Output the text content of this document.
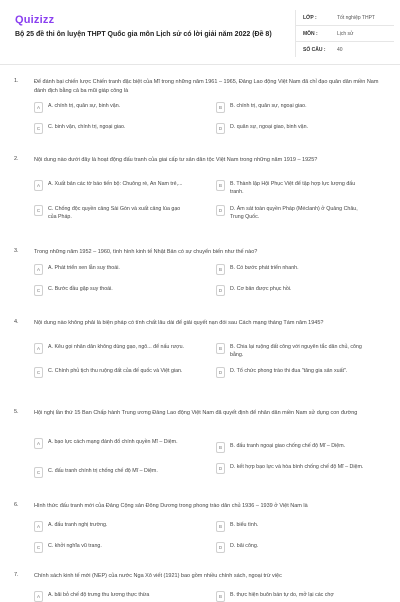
Quizizz
Bộ 25 đề thi ôn luyện THPT Quốc gia môn Lịch sử có lời giải năm 2022 (Đề 8)
LỚP :	Tốt nghiệp THPT
MÔN :	Lịch sử
SỐ CÂU :	40
1.	Để đánh bại chiến lược Chiến tranh đặc biệt của Mĩ trong những năm 1961 – 1965, Đảng Lao động Việt Nam đã chỉ đạo quân dân miền Nam đánh địch bằng cả ba mũi giáp công là
A	A. chính trị, quân sự, binh vận.	B	B. chính trị, quân sự, ngoại giao.
C	C. binh vận, chính trị, ngoại giao.	D	D. quân sự, ngoại giao, binh vận.
2.	Nội dung nào dưới đây là hoạt động đấu tranh của giai cấp tư sản dân tộc Việt Nam trong những năm 1919 – 1925?
A	A. Xuất bản các tờ báo tiến bộ: Chuông rè, An Nam trẻ,...	B	B. Thành lập Hội Phục Việt để tập hợp lực lượng đấu tranh.
C	C. Chống độc quyền cảng Sài Gòn và xuất cảng lúa gạo của Pháp.
D	D. Ám sát toàn quyền Pháp (Méclanh) ở Quảng Châu, Trung Quốc.
3.	Trong những năm 1952 – 1960, tình hình kinh tế Nhật Bản có sự chuyển biến như thế nào?
A	A. Phát triển xen lẫn suy thoái.	B	B. Có bước phát triển nhanh.
C	C. Bước đầu gặp suy thoái.	D	D. Cơ bản được phục hồi.
4.	Nội dung nào không phải là biện pháp có tính chất lâu dài để giải quyết nạn đói sau Cách mạng tháng Tám năm 1945?
A	A. Kêu gọi nhân dân không dùng gạo, ngô... để nấu rượu.	B	B. Chia lại ruộng đất công với nguyên tắc dân chủ, công bằng.
C	C. Chính phủ tịch thu ruộng đất của đế quốc và Việt gian.	D	D. Tổ chức phong trào thi đua "tăng gia sản xuất".
5.	Hội nghị lần thứ 15 Ban Chấp hành Trung ương Đảng Lao động Việt Nam đã quyết định để nhân dân miền Nam sử dụng con đường
A	A. bạo lực cách mạng đánh đổ chính quyền Mĩ – Diệm.
B	B. đấu tranh ngoại giao chống chế độ Mĩ – Diệm.
C	C. đấu tranh chính trị chống chế độ Mĩ – Diệm.	D	D. kết hợp bạo lực và hòa bình chống chế độ Mĩ – Diệm.
6.	Hình thức đấu tranh mới của Đảng Cộng sản Đông Dương trong phong trào dân chủ 1936 – 1939 ở Việt Nam là
A	A. đấu tranh nghị trường.	B	B. biểu tình.
C	C. khởi nghĩa vũ trang.	D	D. bãi công.
7.	Chính sách kinh tế mới (NEP) của nước Nga Xô viết (1921) bao gồm nhiều chính sách, ngoại trừ việc
A	A. bãi bỏ chế độ trưng thu lương thực thừa	B	B. thực hiện buôn bán tự do, mở lại các chợ
